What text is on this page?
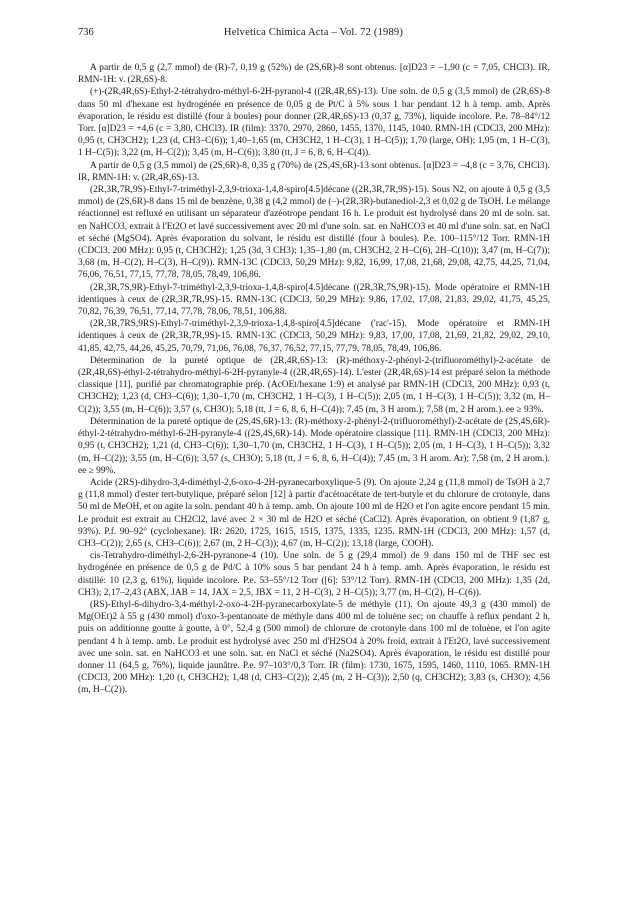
736	Helvetica Chimica Acta – Vol. 72 (1989)

A partir de 0,5 g (2,7 mmol) de (R)-7, 0,19 g (52%) de (2S,6R)-8 sont obtenus. [α]D23 = –1,90 (c = 7,05, CHCl3). IR, RMN-1H: v. (2R,6S)-8.

(+)-(2R,4R,6S)-Ethyl-2-tétrahydro-méthyl-6-2H-pyranol-4 ((2R,4R,6S)-13). Une soln. de 0,5 g (3,5 mmol) de (2R,6S)-8 dans 50 ml d'hexane est hydrogénée en présence de 0,05 g de Pt/C à 5% sous 1 bar pendant 12 h à temp. amb. Après évaporation, le résidu est distillé (four à boules) pour donner (2R,4R,6S)-13 (0,37 g, 73%), liquide incolore. P.e. 78–84°/12 Torr. [α]D23 = +4,6 (c = 3,80, CHCl3). IR (film): 3370, 2970, 2860, 1455, 1370, 1145, 1040. RMN-1H (CDCl3, 200 MHz): 0,95 (t, CH3CH2); 1,23 (d, CH3–C(6)); 1,40–1,65 (m, CH3CH2, 1 H–C(3), 1 H–C(5)); 1,70 (large, OH); 1,95 (m, 1 H–C(3), 1 H–C(5)); 3,22 (m, H–C(2)); 3,45 (m, H–C(6)); 3,80 (tt, J = 6, 8, 6, H–C(4)).

A partir de 0,5 g (3,5 mmol) de (2S,6R)-8, 0,35 g (70%) de (2S,4S,6R)-13 sont obtenus. [α]D23 = –4,8 (c = 3,76, CHCl3). IR, RMN-1H: v. (2R,4R,6S)-13.

(2R,3R,7R,9S)-Ethyl-7-triméthyl-2,3,9-trioxa-1,4,8-spiro[4.5]décane ((2R,3R,7R,9S)-15). Sous N2, on ajoute à 0,5 g (3,5 mmol) de (2S,6R)-8 dans 15 ml de benzène, 0,38 g (4,2 mmol) de (–)-(2R,3R)-butanediol-2,3 et 0,02 g de TsOH. Le mélange réactionnel est refluxé en utilisant un séparateur d'azéotrope pendant 16 h. Le produit est hydrolysé dans 20 ml de soln. sat. en NaHCO3, extrait à l'Et2O et lavé successivement avec 20 ml d'une soln. sat. en NaHCO3 et 40 ml d'une soln. sat. en NaCl et séché (MgSO4). Après évaporation du solvant, le résidu est distillé (four à boules). P.e. 100–115°/12 Torr. RMN-1H (CDCl3, 200 MHz): 0,95 (t, CH3CH2); 1,25 (3d, 3 CH3); 1,35–1,80 (m, CH3CH2, 2 H–C(6), 2H–C(10)); 3,47 (m, H–C(7)); 3,68 (m, H–C(2), H–C(3), H–C(9)). RMN-13C (CDCl3, 50,29 MHz): 9,82, 16,99, 17,08, 21,68, 29,08, 42,75, 44,25, 71,04, 76,06, 76,51, 77,15, 77,78, 78,05, 78,49, 106,86.

(2R,3R,7S,9R)-Ethyl-7-triméthyl-2,3,9-trioxa-1,4,8-spiro[4.5]décane ((2R,3R,7S,9R)-15). Mode opératoire et RMN-1H identiques à ceux de (2R,3R,7R,9S)-15. RMN-13C (CDCl3, 50,29 MHz): 9,86, 17,02, 17,08, 21,83, 29,02, 41,75, 45,25, 70,82, 76,39, 76,51, 77,14, 77,78, 78,06, 78,51, 106,88.

(2R,3R,7RS,9RS)-Ethyl-7-triméthyl-2,3,9-trioxa-1,4,8-spiro[4.5]décane ('rac'-15). Mode opératoire et RMN-1H identiques à ceux de (2R,3R,7R,9S)-15. RMN-13C (CDCl3, 50,29 MHz): 9,83, 17,00, 17,08, 21,69, 21,82, 29,02, 29,10, 41,85, 42,75, 44,26, 45,25, 70,79, 71,06, 76,08, 76,37, 76,52, 77,15, 77,79, 78,05, 78,49, 106,86.

Détermination de la pureté optique de (2R,4R,6S)-13: (R)-méthoxy-2-phényl-2-(trifluorométhyl)-2-acétate de (2R,4R,6S)-éthyl-2-tétrahydro-méthyl-6-2H-pyranyle-4 ((2R,4R,6S)-14). L'ester (2R,4R,6S)-14 est préparé selon la méthode classique [11], purifié par chromatographie prép. (AcOEt/hexane 1:9) et analysé par RMN-1H (CDCl3, 200 MHz): 0,93 (t, CH3CH2); 1,23 (d, CH3–C(6)); 1,30–1,70 (m, CH3CH2, 1 H–C(3), 1 H–C(5)); 2,05 (m, 1 H–C(3), 1 H–C(5)); 3,32 (m, H–C(2)); 3,55 (m, H–C(6)); 3,57 (s, CH3O); 5,18 (tt, J = 6, 8, 6, H–C(4)); 7,45 (m, 3 H arom.); 7,58 (m, 2 H arom.). ee ≥ 93%.

Détermination de la pureté optique de (2S,4S,6R)-13: (R)-méthoxy-2-phényl-2-(trifluorométhyl)-2-acétate de (2S,4S,6R)-éthyl-2-tétrahydro-méthyl-6-2H-pyranyle-4 ((2S,4S,6R)-14). Mode opératoire classique [11]. RMN-1H (CDCl3, 200 MHz): 0,95 (t, CH3CH2); 1,21 (d, CH3–C(6)); 1,30–1,70 (m, CH3CH2, 1 H–C(3), 1 H–C(5)); 2,05 (m, 1 H–C(3), 1 H–C(5)); 3,32 (m, H–C(2)); 3,55 (m, H–C(6)); 3,57 (s, CH3O); 5,18 (tt, J = 6, 8, 6, H–C(4)); 7,45 (m, 3 H arom. Ar); 7,58 (m, 2 H arom.). ee ≥ 99%.

Acide (2RS)-dihydro-3,4-diméthyl-2,6-oxo-4-2H-pyranecarboxylique-5 (9). On ajoute 2,24 g (11,8 mmol) de TsOH à 2,7 g (11,8 mmol) d'ester tert-butylique, préparé selon [12] à partir d'acétoacétate de tert-butyle et du chlorure de crotonyle, dans 50 ml de MeOH, et on agite la soln. pendant 40 h à temp. amb. On ajoute 100 ml de H2O et l'on agite encore pendant 15 min. Le produit est extrait au CH2Cl2, lavé avec 2 × 30 ml de H2O et séché (CaCl2). Après évaporation, on obtient 9 (1,87 g, 93%). P.f. 90–92° (cyclohexane). IR: 2620, 1725, 1615, 1515, 1375, 1335, 1235. RMN-1H (CDCl3, 200 MHz): 1,57 (d, CH3–C(2)); 2,65 (s, CH3–C(6)); 2,67 (m, 2 H–C(3)); 4,67 (m, H–C(2)); 13,18 (large, COOH).

cis-Tetrahydro-diméthyl-2,6-2H-pyranone-4 (10). Une soln. de 5 g (29,4 mmol) de 9 dans 150 ml de THF sec est hydrogénée en présence de 0,5 g de Pd/C à 10% sous 5 bar pendant 24 h à temp. amb. Après évaporation, le résidu est distillé: 10 (2,3 g, 61%), liquide incolore. P.e. 53–55°/12 Torr ([6]: 53°/12 Torr). RMN-1H (CDCl3, 200 MHz): 1,35 (2d, CH3); 2,17–2,43 (ABX, JAB = 14, JAX = 2,5, JBX = 11, 2 H–C(3), 2 H–C(5)); 3,77 (m, H–C(2), H–C(6)).

(RS)-Ethyl-6-dihydro-3,4-méthyl-2-oxo-4-2H-pyranecarboxylate-5 de méthyle (11). On ajoute 49,3 g (430 mmol) de Mg(OEt)2 à 55 g (430 mmol) d'oxo-3-pentanoate de méthyle dans 400 ml de toluène sec; on chauffe à reflux pendant 2 h, puis on additionne goutte à goutte, à 0°, 52,4 g (500 mmol) de chlorure de crotonyle dans 100 ml de toluène, et l'on agite pendant 4 h à temp. amb. Le produit est hydrolysé avec 250 ml d'H2SO4 à 20% froid, extrait à l'Et2O, lavé successivement avec une soln. sat. en NaHCO3 et une soln. sat. en NaCl et séché (Na2SO4). Après évaporation, le résidu est distillé pour donner 11 (64,5 g, 76%), liquide jaunâtre. P.e. 97–103°/0,3 Torr. IR (film): 1730, 1675, 1595, 1460, 1110, 1065. RMN-1H (CDCl3, 200 MHz): 1,20 (t, CH3CH2); 1,48 (d, CH3–C(2)); 2,45 (m, 2 H–C(3)); 2,50 (q, CH3CH2); 3,83 (s, CH3O); 4,56 (m, H–C(2)).
